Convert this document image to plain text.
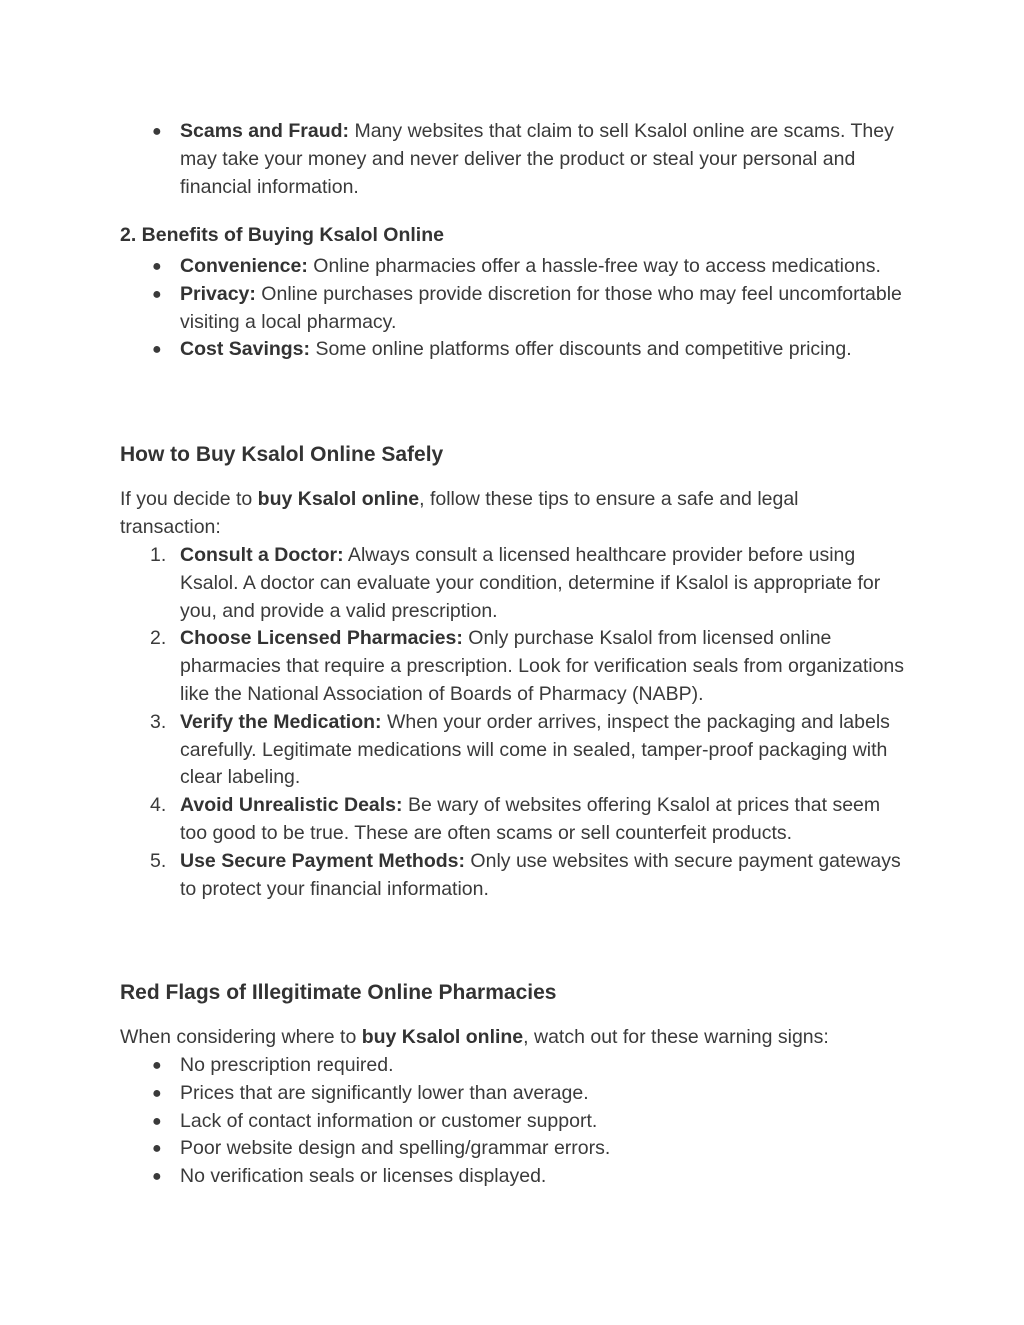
● Scams and Fraud: Many websites that claim to sell Ksalol online are scams. They may take your money and never deliver the product or steal your personal and financial information.
2. Benefits of Buying Ksalol Online
● Convenience: Online pharmacies offer a hassle-free way to access medications.
● Privacy: Online purchases provide discretion for those who may feel uncomfortable visiting a local pharmacy.
● Cost Savings: Some online platforms offer discounts and competitive pricing.
How to Buy Ksalol Online Safely
If you decide to buy Ksalol online, follow these tips to ensure a safe and legal transaction:
1. Consult a Doctor: Always consult a licensed healthcare provider before using Ksalol. A doctor can evaluate your condition, determine if Ksalol is appropriate for you, and provide a valid prescription.
2. Choose Licensed Pharmacies: Only purchase Ksalol from licensed online pharmacies that require a prescription. Look for verification seals from organizations like the National Association of Boards of Pharmacy (NABP).
3. Verify the Medication: When your order arrives, inspect the packaging and labels carefully. Legitimate medications will come in sealed, tamper-proof packaging with clear labeling.
4. Avoid Unrealistic Deals: Be wary of websites offering Ksalol at prices that seem too good to be true. These are often scams or sell counterfeit products.
5. Use Secure Payment Methods: Only use websites with secure payment gateways to protect your financial information.
Red Flags of Illegitimate Online Pharmacies
When considering where to buy Ksalol online, watch out for these warning signs:
● No prescription required.
● Prices that are significantly lower than average.
● Lack of contact information or customer support.
● Poor website design and spelling/grammar errors.
● No verification seals or licenses displayed.
